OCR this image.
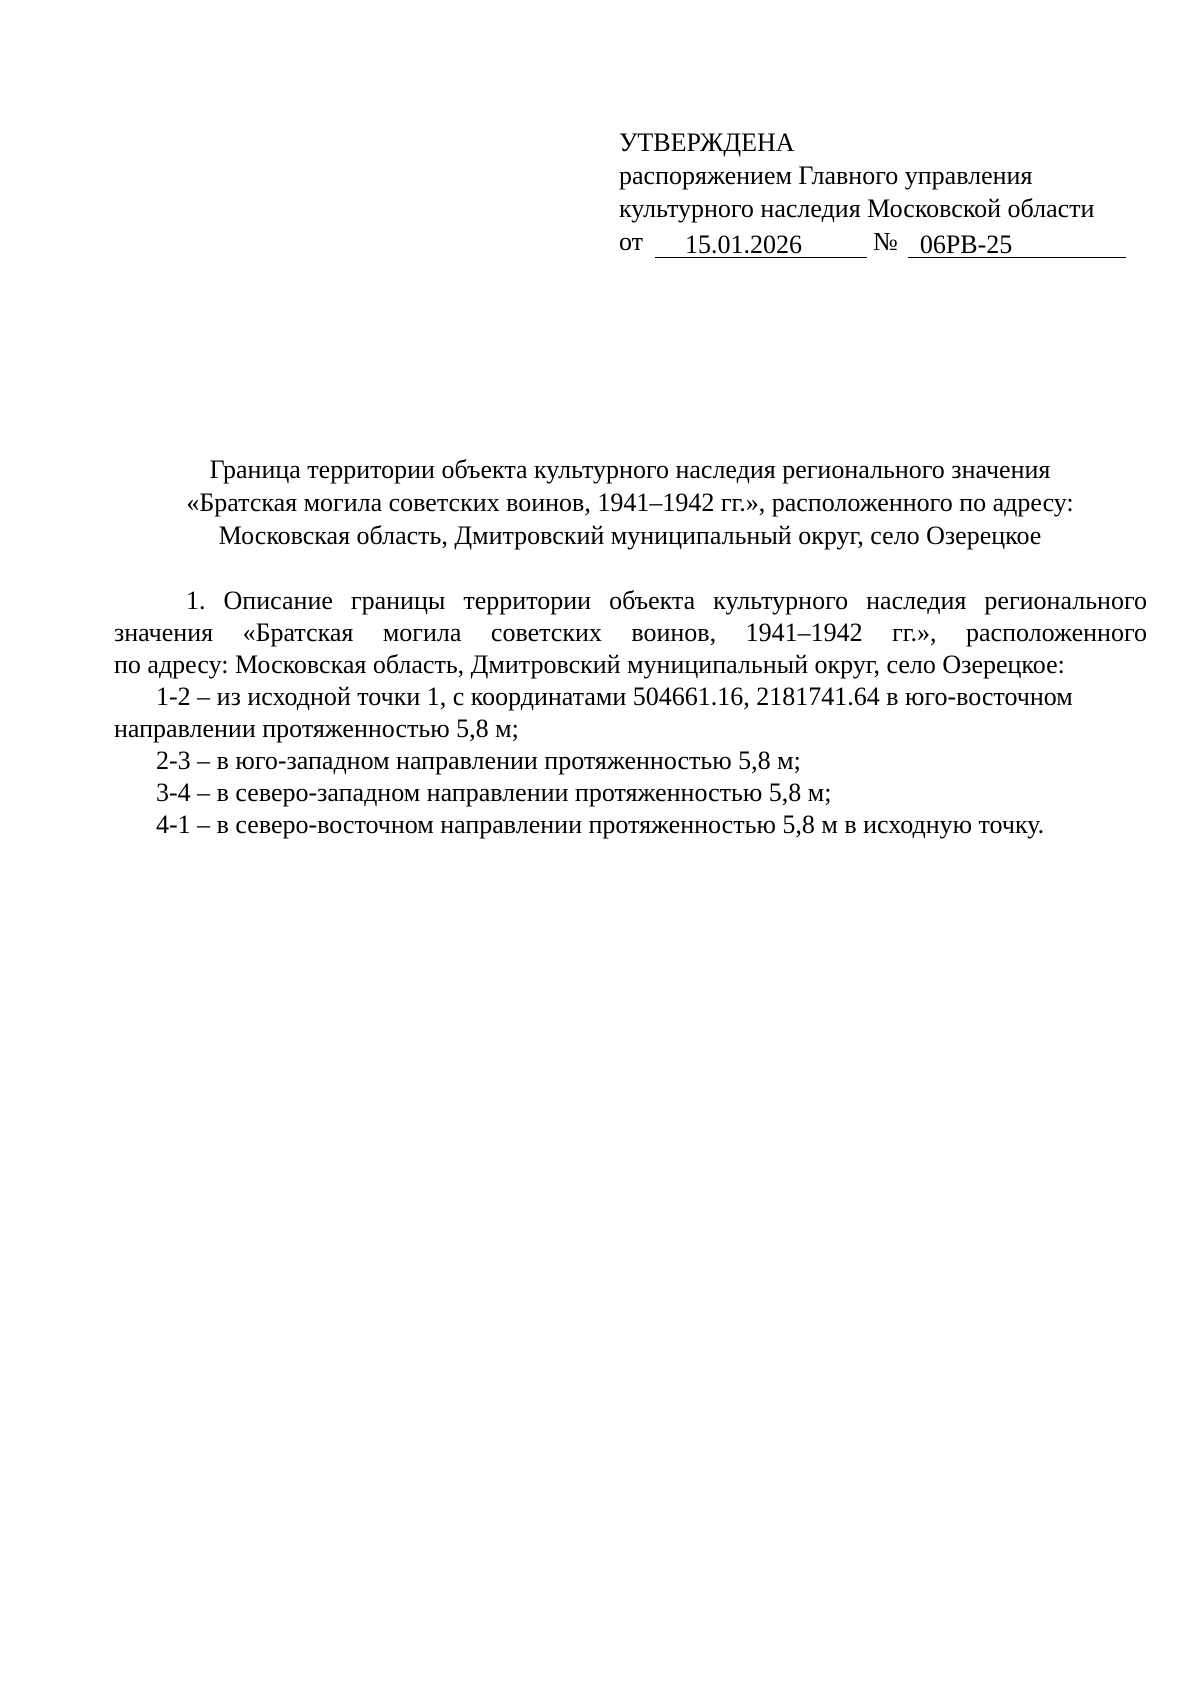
УТВЕРЖДЕНА
распоряжением Главного управления
культурного наследия Московской области
от	15.01.2026	№ 06РВ-25
Граница территории объекта культурного наследия регионального значения
«Братская могила советских воинов, 1941–1942 гг.», расположенного по адресу:
Московская область, Дмитровский муниципальный округ, село Озерецкое
1. Описание границы территории объекта культурного наследия регионального
значения «Братская могила советских воинов, 1941–1942 гг.», расположенного
по адресу: Московская область, Дмитровский муниципальный округ, село Озерецкое:
1-2 – из исходной точки 1, с координатами 504661.16, 2181741.64 в юго-восточном направлении протяженностью 5,8 м;
2-3 – в юго-западном направлении протяженностью 5,8 м;
3-4 – в северо-западном направлении протяженностью 5,8 м;
4-1 – в северо-восточном направлении протяженностью 5,8 м в исходную точку.
